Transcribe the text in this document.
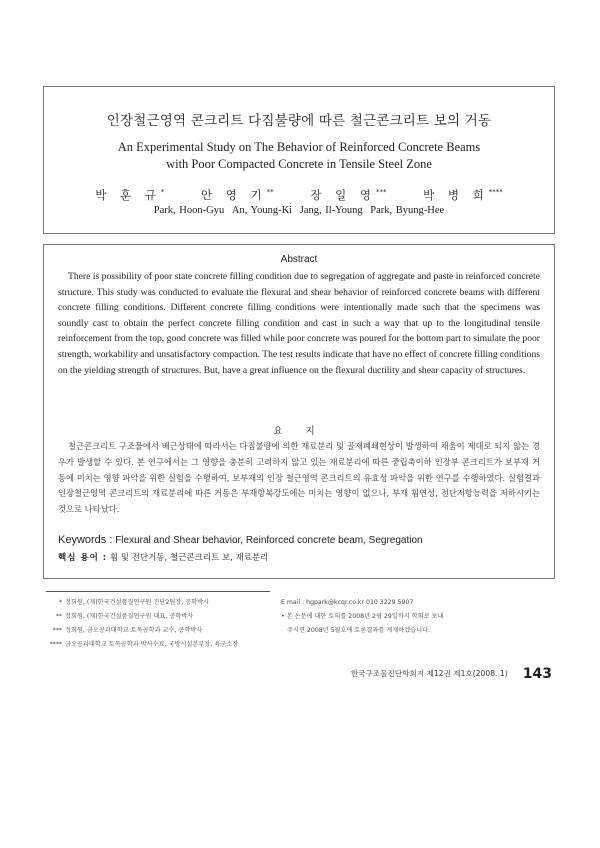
인장철근영역 콘크리트 다짐불량에 따른 철근콘크리트 보의 거동
An Experimental Study on The Behavior of Reinforced Concrete Beams
with Poor Compacted Concrete in Tensile Steel Zone
박 훈 규*	안 영 기**	장 일 영***	박 병 희****
Park, Hoon-Gyu An, Young-Ki Jang, Il-Young Park, Byung-Hee
Abstract
There is possibility of poor state concrete filling condition due to segregation of aggregate and paste in reinforced concrete structure. This study was conducted to evaluate the flexural and shear behavior of reinforced concrete beams with different concrete filling conditions. Different concrete filling conditions were intentionally made such that the specimens was soundly cast to obtain the perfect concrete filling condition and cast in such a way that up to the longitudinal tensile reinforcement from the top, good concrete was filled while poor concrete was poured for the bottom part to simulate the poor strength, workability and unsatisfactory compaction. The test results indicate that have no effect of concrete filling conditions on the yielding strength of structures. But, have a great influence on the flexural ductility and shear capacity of structures.
요 지
철근콘크리트 구조물에서 배근상태에 따라서는 다짐불량에 의한 재료분리 및 골재폐쇄현상이 발생하여 채움이 제대로 되지 않는 경우가 발생할 수 있다. 본 연구에서는 그 영향을 충분히 고려하지 않고 있는 재료분리에 따른 중립축이하 인장부 콘크리트가 보부재 거동에 미치는 영향 파악을 위한 실험을 수행하여, 보부재의 인장 철근영역 콘크리트의 유효성 파악을 위한 연구를 수행하였다. 실험결과 인장철근영역 콘크리트의 재료분리에 따른 거동은 부재항복강도에는 미치는 영향이 없으나, 부재 휨연성, 전단저항능력을 저하시키는 것으로 나타났다.
Keywords : Flexural and Shear behavior, Reinforced concrete beam, Segregation
핵심 용어 : 휨 및 전단거동, 철근콘크리트 보, 재료분리
* 정회원, (재)한국건설품질연구원 진단2팀장, 공학박사
** 정회원, (재)한국건설품질연구원 대표, 공학박사
*** 정회원, 금오공과대학교 토목공학과 교수, 공학박사
**** 금오공과대학교 토목공학과 박사수료, 국방시설본부장, 육군소장
E mail : hgpark@kcqr.co.kr 010 3229 5907
• 본 논문에 대한 토의를 2008년 2월 29일까지 학회로 보내
주시면 2008년 5월호에 토론결과를 게재하겠습니다.
한국구조물진단학회지 제12권 제1호(2008. 1) 143
